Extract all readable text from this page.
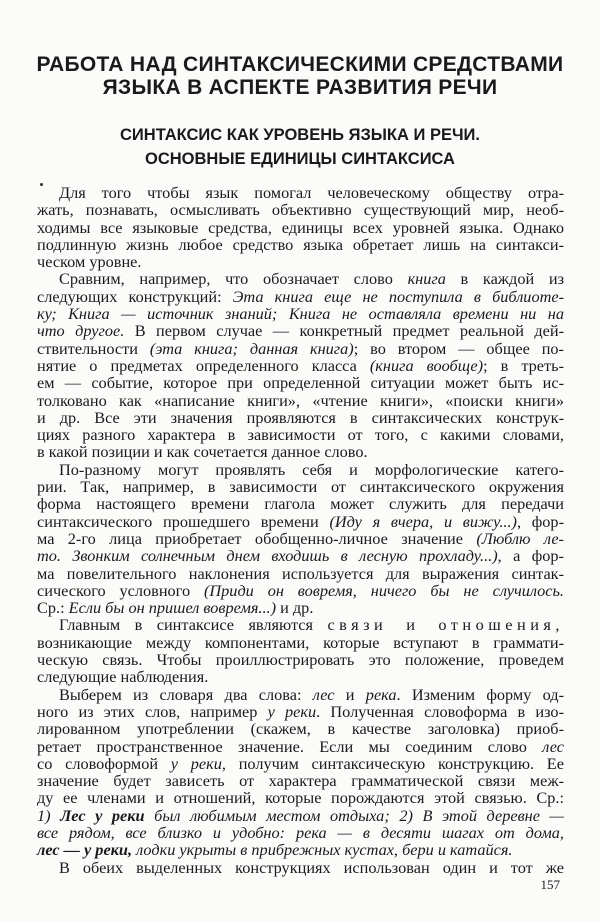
РАБОТА НАД СИНТАКСИЧЕСКИМИ СРЕДСТВАМИ
ЯЗЫКА В АСПЕКТЕ РАЗВИТИЯ РЕЧИ
СИНТАКСИС КАК УРОВЕНЬ ЯЗЫКА И РЕЧИ.
ОСНОВНЫЕ ЕДИНИЦЫ СИНТАКСИСА
Для того чтобы язык помогал человеческому обществу отра-
жать, познавать, осмысливать объективно существующий мир, необ-
ходимы все языковые средства, единицы всех уровней языка. Однако
подлинную жизнь любое средство языка обретает лишь на синтакси-
ческом уровне.
Сравним, например, что обозначает слово книга в каждой из
следующих конструкций: Эта книга еще не поступила в библиоте-
ку; Книга — источник знаний; Книга не оставляла времени ни на
что другое. В первом случае — конкретный предмет реальной дей-
ствительности (эта книга; данная книга); во втором — общее по-
нятие о предметах определенного класса (книга вообще); в треть-
ем — событие, которое при определенной ситуации может быть ис-
толковано как «написание книги», «чтение книги», «поиски книги»
и др. Все эти значения проявляются в синтаксических конструк-
циях разного характера в зависимости от того, с какими словами,
в какой позиции и как сочетается данное слово.
По-разному могут проявлять себя и морфологические катего-
рии. Так, например, в зависимости от синтаксического окружения
форма настоящего времени глагола может служить для передачи
синтаксического прошедшего времени (Иду я вчера, и вижу...), фор-
ма 2-го лица приобретает обобщенно-личное значение (Люблю ле-
то. Звонким солнечным днем входишь в лесную прохладу...), а фор-
ма повелительного наклонения используется для выражения синтак-
сического условного (Приди он вовремя, ничего бы не случилось.
Ср.: Если бы он пришел вовремя...) и др.
Главным в синтаксисе являются связи и отношения,
возникающие между компонентами, которые вступают в граммати-
ческую связь. Чтобы проиллюстрировать это положение, проведем
следующие наблюдения.
Выберем из словаря два слова: лес и река. Изменим форму од-
ного из этих слов, например у реки. Полученная словоформа в изо-
лированном употреблении (скажем, в качестве заголовка) приоб-
ретает пространственное значение. Если мы соединим слово лес
со словоформой у реки, получим синтаксическую конструкцию. Ее
значение будет зависеть от характера грамматической связи меж-
ду ее членами и отношений, которые порождаются этой связью. Ср.:
1) Лес у реки был любимым местом отдыха; 2) В этой деревне —
все рядом, все близко и удобно: река — в десяти шагах от дома,
лес — у реки, лодки укрыты в прибрежных кустах, бери и катайся.
В обеих выделенных конструкциях использован один и тот же
157
